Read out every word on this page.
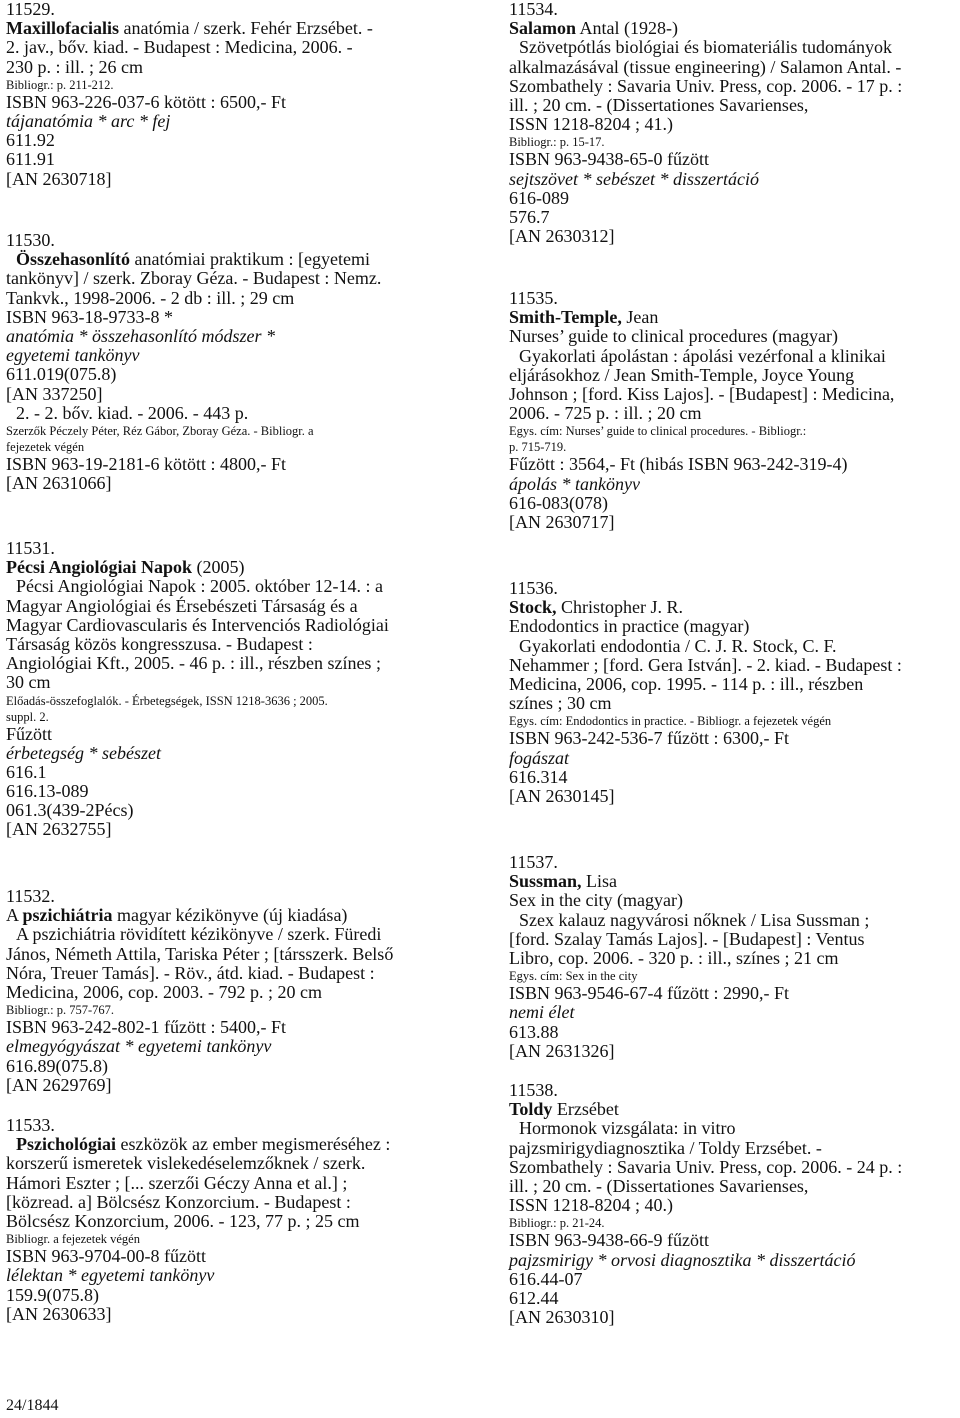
11529.
Maxillofacialis anatómia / szerk. Fehér Erzsébet. -
2. jav., bőv. kiad. - Budapest : Medicina, 2006. -
230 p. : ill. ; 26 cm
Bibliogr.: p. 211-212.
ISBN 963-226-037-6 kötött : 6500,- Ft
tájanatómia * arc * fej
611.92
611.91
[AN 2630718]
11530.
Összehasonlító anatómiai praktikum : [egyetemi
tankönyv] / szerk. Zboray Géza. - Budapest : Nemz.
Tankvk., 1998-2006. - 2 db : ill. ; 29 cm
ISBN 963-18-9733-8 *
anatómia * összehasonlító módszer *
egyetemi tankönyv
611.019(075.8)
[AN 337250]
2. - 2. bőv. kiad. - 2006. - 443 p.
Szerzők Péczely Péter, Réz Gábor, Zboray Géza. - Bibliogr. a
fejezetek végén
ISBN 963-19-2181-6 kötött : 4800,- Ft
[AN 2631066]
11531.
Pécsi Angiológiai Napok (2005)
Pécsi Angiológiai Napok : 2005. október 12-14. : a
Magyar Angiológiai és Érsebészeti Társaság és a
Magyar Cardiovascularis és Intervenciós Radiológiai
Társaság közös kongresszusa. - Budapest :
Angiológiai Kft., 2005. - 46 p. : ill., részben színes ;
30 cm
Előadás-összefoglalók. - Érbetegségek, ISSN 1218-3636 ; 2005.
suppl. 2.
Fűzött
érbetegség * sebészet
616.1
616.13-089
061.3(439-2Pécs)
[AN 2632755]
11532.
A pszichiátria magyar kézikönyve (új kiadása)
A pszichiátria rövidített kézikönyve / szerk. Füredi
János, Németh Attila, Tariska Péter ; [társszerk. Belső
Nóra, Treuer Tamás]. - Röv., átd. kiad. - Budapest :
Medicina, 2006, cop. 2003. - 792 p. ; 20 cm
Bibliogr.: p. 757-767.
ISBN 963-242-802-1 fűzött : 5400,- Ft
elmegyógyászat * egyetemi tankönyv
616.89(075.8)
[AN 2629769]
11533.
Pszichológiai eszközök az ember megismeréséhez :
korszerű ismeretek vislekedéselemzőknek / szerk.
Hámori Eszter ; [... szerzői Géczy Anna et al.] ;
[közread. a] Bölcsész Konzorcium. - Budapest :
Bölcsész Konzorcium, 2006. - 123, 77 p. ; 25 cm
Bibliogr. a fejezetek végén
ISBN 963-9704-00-8 fűzött
lélektan * egyetemi tankönyv
159.9(075.8)
[AN 2630633]
11534.
Salamon Antal (1928-)
Szövetpótlás biológiai és biomateriális tudományok
alkalmazásával (tissue engineering) / Salamon Antal. -
Szombathely : Savaria Univ. Press, cop. 2006. - 17 p. :
ill. ; 20 cm. - (Dissertationes Savarienses,
ISSN 1218-8204 ; 41.)
Bibliogr.: p. 15-17.
ISBN 963-9438-65-0 fűzött
sejtszövet * sebészet * disszertáció
616-089
576.7
[AN 2630312]
11535.
Smith-Temple, Jean
Nurses’ guide to clinical procedures (magyar)
Gyakorlati ápolástan : ápolási vezérfonal a klinikai
eljárásokhoz / Jean Smith-Temple, Joyce Young
Johnson ; [ford. Kiss Lajos]. - [Budapest] : Medicina,
2006. - 725 p. : ill. ; 20 cm
Egys. cím: Nurses’ guide to clinical procedures. - Bibliogr.:
p. 715-719.
Fűzött : 3564,- Ft (hibás ISBN 963-242-319-4)
ápolás * tankönyv
616-083(078)
[AN 2630717]
11536.
Stock, Christopher J. R.
Endodontics in practice (magyar)
Gyakorlati endodontia / C. J. R. Stock, C. F.
Nehammer ; [ford. Gera István]. - 2. kiad. - Budapest :
Medicina, 2006, cop. 1995. - 114 p. : ill., részben
színes ; 30 cm
Egys. cím: Endodontics in practice. - Bibliogr. a fejezetek végén
ISBN 963-242-536-7 fűzött : 6300,- Ft
fogászat
616.314
[AN 2630145]
11537.
Sussman, Lisa
Sex in the city (magyar)
Szex kalauz nagyvárosi nőknek / Lisa Sussman ;
[ford. Szalay Tamás Lajos]. - [Budapest] : Ventus
Libro, cop. 2006. - 320 p. : ill., színes ; 21 cm
Egys. cím: Sex in the city
ISBN 963-9546-67-4 fűzött : 2990,- Ft
nemi élet
613.88
[AN 2631326]
11538.
Toldy Erzsébet
Hormonok vizsgálata: in vitro
pajzsmirigydiagnosztika / Toldy Erzsébet. -
Szombathely : Savaria Univ. Press, cop. 2006. - 24 p. :
ill. ; 20 cm. - (Dissertationes Savarienses,
ISSN 1218-8204 ; 40.)
Bibliogr.: p. 21-24.
ISBN 963-9438-66-9 fűzött
pajzsmirigy * orvosi diagnosztika * disszertáció
616.44-07
612.44
[AN 2630310]
24/1844
